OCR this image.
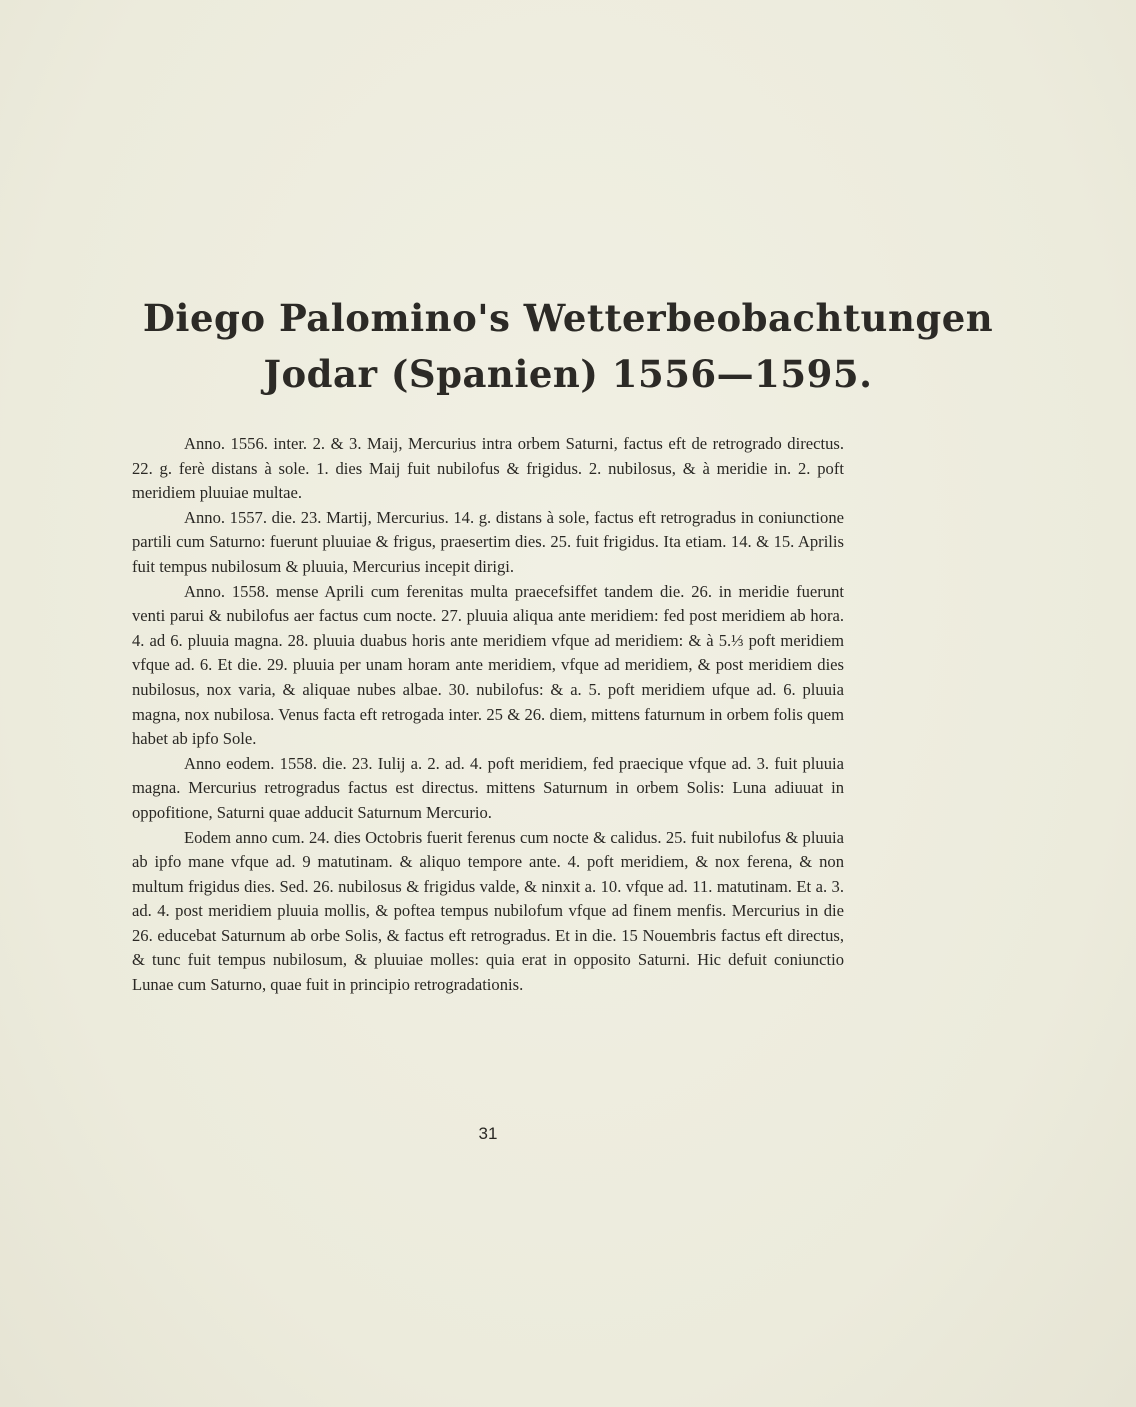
Diego Palomino's Wetterbeobachtungen
Jodar (Spanien) 1556—1595.

Anno. 1556. inter. 2. & 3. Maij, Mercurius intra orbem Saturni, factus eft de retrogrado directus. 22. g. ferè distans à sole. 1. dies Maij fuit nubilofus & frigidus. 2. nubilosus, & à meridie in. 2. poft meridiem pluuiae multae.

Anno. 1557. die. 23. Martij, Mercurius. 14. g. distans à sole, factus eft retrogradus in coniunctione partili cum Saturno: fuerunt pluuiae & frigus, praesertim dies. 25. fuit frigidus. Ita etiam. 14. & 15. Aprilis fuit tempus nubilosum & pluuia, Mercurius incepit dirigi.

Anno. 1558. mense Aprili cum ferenitas multa praecefsiffet tandem die. 26. in meridie fuerunt venti parui & nubilofus aer factus cum nocte. 27. pluuia aliqua ante meridiem: fed post meridiem ab hora. 4. ad 6. pluuia magna. 28. pluuia duabus horis ante meridiem vfque ad meridiem: & à 5.⅓ poft meridiem vfque ad. 6. Et die. 29. pluuia per unam horam ante meridiem, vfque ad meridiem, & post meridiem dies nubilosus, nox varia, & aliquae nubes albae. 30. nubilofus: & a. 5. poft meridiem ufque ad. 6. pluuia magna, nox nubilosa. Venus facta eft retrogada inter. 25 & 26. diem, mittens faturnum in orbem folis quem habet ab ipfo Sole.

Anno eodem. 1558. die. 23. Iulij a. 2. ad. 4. poft meridiem, fed praecique vfque ad. 3. fuit pluuia magna. Mercurius retrogradus factus est directus. mittens Saturnum in orbem Solis: Luna adiuuat in oppofitione, Saturni quae adducit Saturnum Mercurio.

Eodem anno cum. 24. dies Octobris fuerit ferenus cum nocte & calidus. 25. fuit nubilofus & pluuia ab ipfo mane vfque ad. 9 matutinam. & aliquo tempore ante. 4. poft meridiem, & nox ferena, & non multum frigidus dies. Sed. 26. nubilosus & frigidus valde, & ninxit a. 10. vfque ad. 11. matutinam. Et a. 3. ad. 4. post meridiem pluuia mollis, & poftea tempus nubilofum vfque ad finem menfis. Mercurius in die 26. educebat Saturnum ab orbe Solis, & factus eft retrogradus. Et in die. 15 Nouembris factus eft directus, & tunc fuit tempus nubilosum, & pluuiae molles: quia erat in opposito Saturni. Hic defuit coniunctio Lunae cum Saturno, quae fuit in principio retrogradationis.

31
